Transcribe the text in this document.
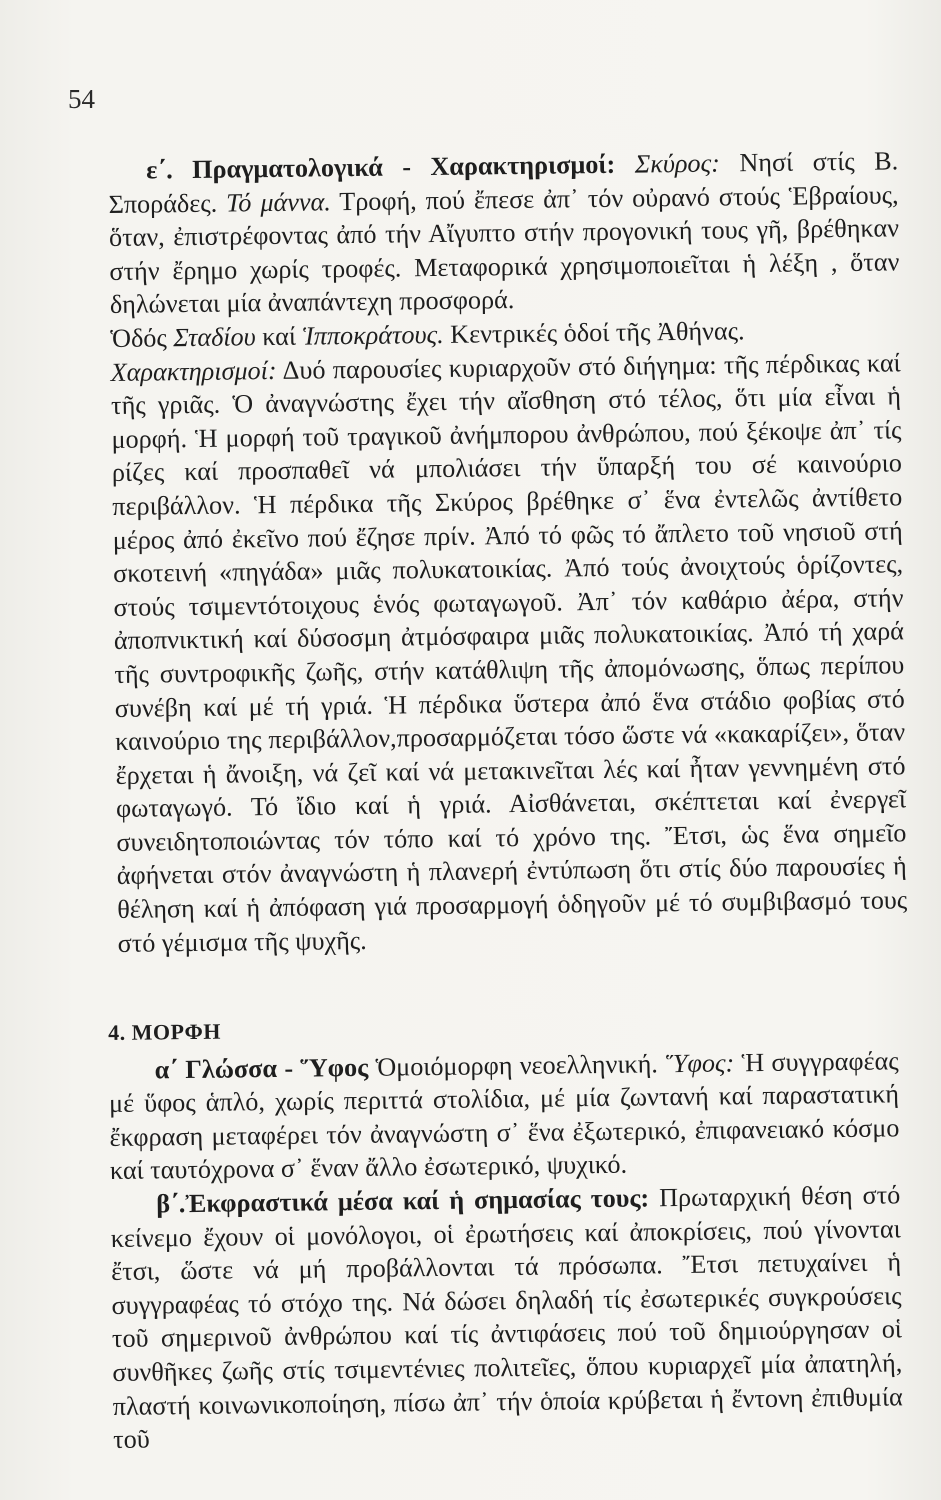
54

ε΄. Πραγματολογικά - Χαρακτηρισμοί: Σκύρος: Νησί στίς Β. Σποράδες. Τό μάννα. Τροφή, πού ἔπεσε ἀπ᾽ τόν οὐρανό στούς Ἑβραίους, ὅταν, ἐπιστρέφοντας ἀπό τήν Αἴγυπτο στήν προγονική τους γῆ, βρέθηκαν στήν ἔρημο χωρίς τροφές. Μεταφορικά χρησιμοποιεῖται ἡ λέξη , ὅταν δηλώνεται μία ἀναπάντεχη προσφορά.

Ὁδός Σταδίου καί Ἱπποκράτους. Κεντρικές ὁδοί τῆς Ἀθήνας.

Χαρακτηρισμοί: Δυό παρουσίες κυριαρχοῦν στό διήγημα: τῆς πέρδικας καί τῆς γριᾶς. Ὁ ἀναγνώστης ἔχει τήν αἴσθηση στό τέλος, ὅτι μία εἶναι ἡ μορφή. Ἡ μορφή τοῦ τραγικοῦ ἀνήμπορου ἀνθρώπου, πού ξέκοψε ἀπ᾽ τίς ρίζες καί προσπαθεῖ νά μπολιάσει τήν ὕπαρξή του σέ καινούριο περιβάλλον. Ἡ πέρδικα τῆς Σκύρος βρέθηκε σ᾽ ἕνα ἐντελῶς ἀντίθετο μέρος ἀπό ἐκεῖνο πού ἔζησε πρίν. Ἀπό τό φῶς τό ἄπλετο τοῦ νησιοῦ στή σκοτεινή «πηγάδα» μιᾶς πολυκατοικίας. Ἀπό τούς ἀνοιχτούς ὁρίζοντες, στούς τσιμεντότοιχους ἑνός φωταγωγοῦ. Ἀπ᾽ τόν καθάριο ἀέρα, στήν ἀποπνικτική καί δύσοσμη ἀτμόσφαιρα μιᾶς πολυκατοικίας. Ἀπό τή χαρά τῆς συντροφικῆς ζωῆς, στήν κατάθλιψη τῆς ἀπομόνωσης, ὅπως περίπου συνέβη καί μέ τή γριά. Ἡ πέρδικα ὕστερα ἀπό ἕνα στάδιο φοβίας στό καινούριο της περιβάλλον,προσαρμόζεται τόσο ὥστε νά «κακαρίζει», ὅταν ἔρχεται ἡ ἄνοιξη, νά ζεῖ καί νά μετακινεῖται λές καί ἦταν γεννημένη στό φωταγωγό. Τό ἴδιο καί ἡ γριά. Αἰσθάνεται, σκέπτεται καί ἐνεργεῖ συνειδητοποιώντας τόν τόπο καί τό χρόνο της. Ἔτσι, ὡς ἕνα σημεῖο ἀφήνεται στόν ἀναγνώστη ἡ πλανερή ἐντύπωση ὅτι στίς δύο παρουσίες ἡ θέληση καί ἡ ἀπόφαση γιά προσαρμογή ὁδηγοῦν μέ τό συμβιβασμό τους στό γέμισμα τῆς ψυχῆς.

4. ΜΟΡΦΗ

α΄ Γλώσσα - Ὕφος Ὁμοιόμορφη νεοελληνική. Ὕφος: Ἡ συγγραφέας μέ ὕφος ἁπλό, χωρίς περιττά στολίδια, μέ μία ζωντανή καί παραστατική ἔκφραση μεταφέρει τόν ἀναγνώστη σ᾽ ἕνα ἐξωτερικό, ἐπιφανειακό κόσμο καί ταυτόχρονα σ᾽ ἕναν ἄλλο ἐσωτερικό, ψυχικό.

β΄.Ἐκφραστικά μέσα καί ἡ σημασίας τους: Πρωταρχική θέση στό κείνεμο ἔχουν οἱ μονόλογοι, οἱ ἐρωτήσεις καί ἀποκρίσεις, πού γίνονται ἔτσι, ὥστε νά μή προβάλλονται τά πρόσωπα. Ἔτσι πετυχαίνει ἡ συγγραφέας τό στόχο της. Νά δώσει δηλαδή τίς ἐσωτερικές συγκρούσεις τοῦ σημερινοῦ ἀνθρώπου καί τίς ἀντιφάσεις πού τοῦ δημιούργησαν οἱ συνθῆκες ζωῆς στίς τσιμεντένιες πολιτεῖες, ὅπου κυριαρχεῖ μία ἀπατηλή, πλαστή κοινωνικοποίηση, πίσω ἀπ᾽ τήν ὁποία κρύβεται ἡ ἔντονη ἐπιθυμία τοῦ
